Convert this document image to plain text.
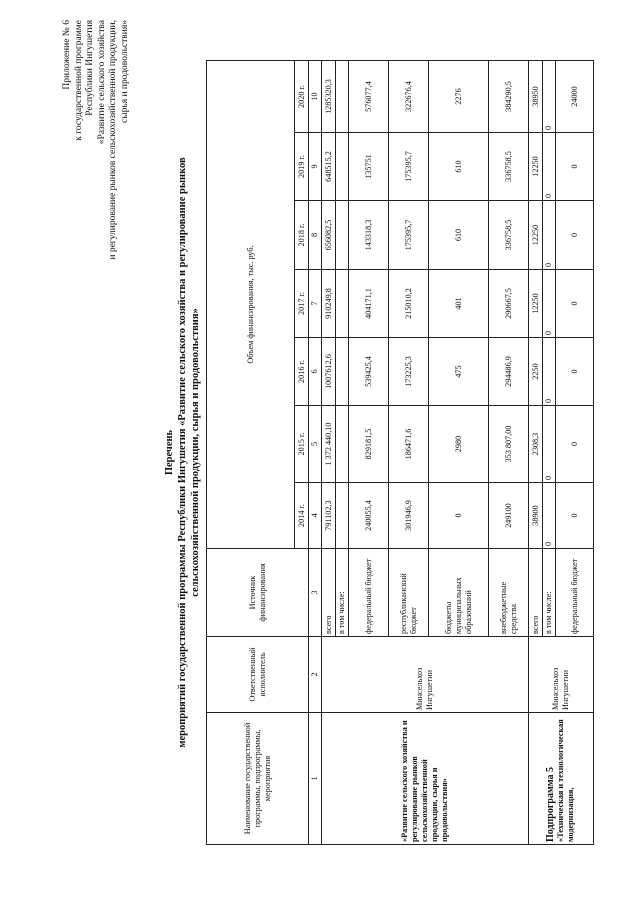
Приложение № 6 к государственной программе Республики Ингушетия «Развитие сельского хозяйства и регулирование рынков сельскохозяйственной продукции, сырья и продовольствия»
Перечень мероприятий государственной программы Республики Ингушетия «Развитие сельского хозяйства и регулирование рынков сельскохозяйственной продукции, сырья и продовольствия»
Наименование государственной программы, подпрограммы, мероприятия	Ответственный исполнитель	Источник финансирования	Объем финансирования, тыс. руб.						
			2014 г.	2015 г.	2016 г.	2017 г.	2018 г.	2019 г.	2020 г.
1	2	3	4	5	6	7	8	9	10
«Развитие сельского хозяйства и регулирование рынков сельскохозяйственной продукции, сырья и продовольствия»	Минсельхоз Ингушетии	всего	791102,3	1 372 440,10	1007612,6	910249,8	656082,5	648515,2	1285320,3
		в том числе:							
		федеральный бюджет	240055,4	829181,5	539425,4	404171,1	143318,3	135751	576077,4
		республиканский бюджет	301946,9	186471,6	173225,3	215010,2	175395,7	175395,7	322676,4
		бюджеты муниципальных образований	0	2980	475	401	610	610	2276
		внебюджетные средства	249100	353 807,00	294486,9	290667,5	336758,5	336758,5	384290,5

Подпрограмма 5 «Техническая и технологическая модернизация,	Минсельхоз Ингушетии	всего	38900	2308,3	2250	12250	12250	12250	38950
		в том числе:	0	0	0	0	0	0	0
		федеральный бюджет	0	0	0	0	0	0	24000
